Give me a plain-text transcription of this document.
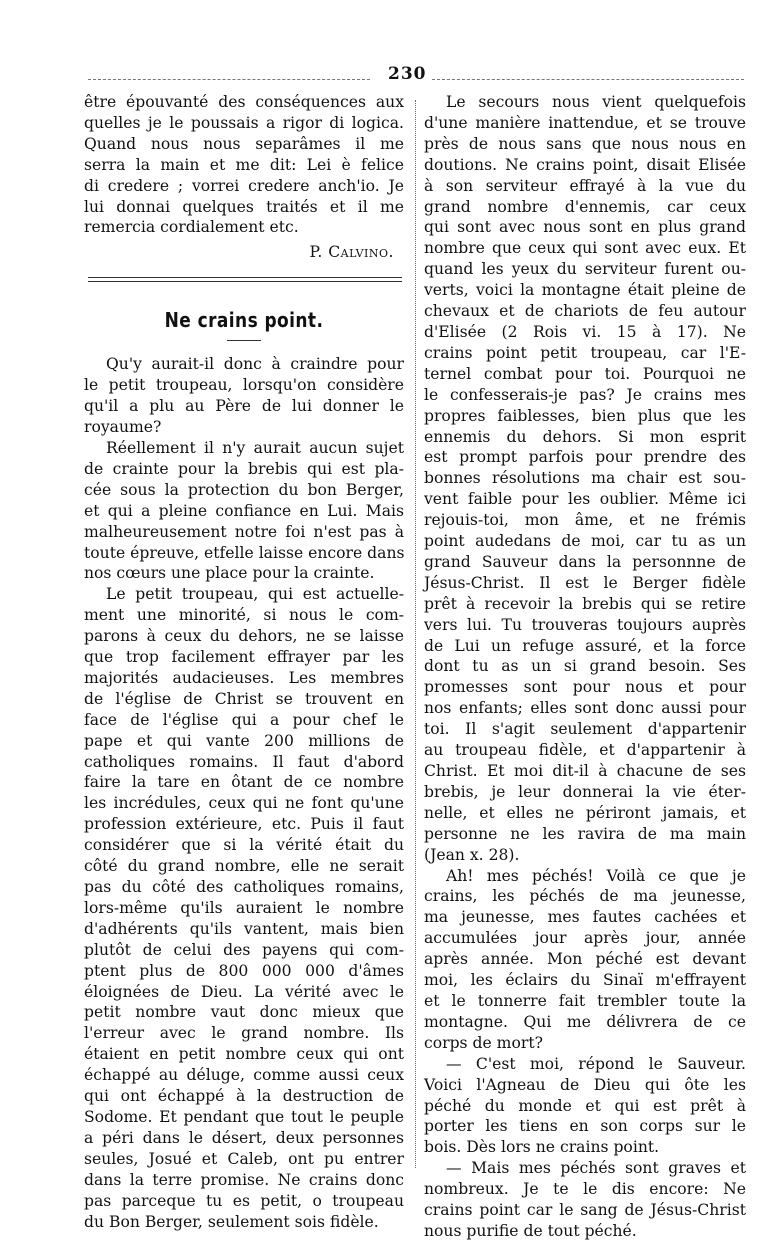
230
être épouvanté des conséquences aux
quelles je le poussais a rigor di logica.
Quand nous nous separâmes il me
serra la main et me dit: Lei è felice
di credere ; vorrei credere anch'io. Je
lui donnai quelques traités et il me
remercia cordialement etc.
P. Calvino.
Ne crains point.
Qu'y aurait-il donc à craindre pour
le petit troupeau, lorsqu'on considère
qu'il a plu au Père de lui donner le
royaume?
Réellement il n'y aurait aucun sujet
de crainte pour la brebis qui est pla-
cée sous la protection du bon Berger,
et qui a pleine confiance en Lui. Mais
malheureusement notre foi n'est pas à
toute épreuve, etfelle laisse encore dans
nos cœurs une place pour la crainte.
Le petit troupeau, qui est actuelle-
ment une minorité, si nous le com-
parons à ceux du dehors, ne se laisse
que trop facilement effrayer par les
majorités audacieuses. Les membres
de l'église de Christ se trouvent en
face de l'église qui a pour chef le
pape et qui vante 200 millions de
catholiques romains. Il faut d'abord
faire la tare en ôtant de ce nombre
les incrédules, ceux qui ne font qu'une
profession extérieure, etc. Puis il faut
considérer que si la vérité était du
côté du grand nombre, elle ne serait
pas du côté des catholiques romains,
lors-même qu'ils auraient le nombre
d'adhérents qu'ils vantent, mais bien
plutôt de celui des payens qui com-
ptent plus de 800 000 000 d'âmes
éloignées de Dieu. La vérité avec le
petit nombre vaut donc mieux que
l'erreur avec le grand nombre. Ils
étaient en petit nombre ceux qui ont
échappé au déluge, comme aussi ceux
qui ont échappé à la destruction de
Sodome. Et pendant que tout le peuple
a péri dans le désert, deux personnes
seules, Josué et Caleb, ont pu entrer
dans la terre promise. Ne crains donc
pas parceque tu es petit, o troupeau
du Bon Berger, seulement sois fidèle.
Le secours nous vient quelquefois
d'une manière inattendue, et se trouve
près de nous sans que nous nous en
doutions. Ne crains point, disait Elisée
à son serviteur effrayé à la vue du
grand nombre d'ennemis, car ceux
qui sont avec nous sont en plus grand
nombre que ceux qui sont avec eux. Et
quand les yeux du serviteur furent ou-
verts, voici la montagne était pleine de
chevaux et de chariots de feu autour
d'Elisée (2 Rois vi. 15 à 17). Ne
crains point petit troupeau, car l'E-
ternel combat pour toi. Pourquoi ne
le confesserais-je pas? Je crains mes
propres faiblesses, bien plus que les
ennemis du dehors. Si mon esprit
est prompt parfois pour prendre des
bonnes résolutions ma chair est sou-
vent faible pour les oublier. Même ici
rejouis-toi, mon âme, et ne frémis
point audedans de moi, car tu as un
grand Sauveur dans la personnne de
Jésus-Christ. Il est le Berger fidèle
prêt à recevoir la brebis qui se retire
vers lui. Tu trouveras toujours auprès
de Lui un refuge assuré, et la force
dont tu as un si grand besoin. Ses
promesses sont pour nous et pour
nos enfants; elles sont donc aussi pour
toi. Il s'agit seulement d'appartenir
au troupeau fidèle, et d'appartenir à
Christ. Et moi dit-il à chacune de ses
brebis, je leur donnerai la vie éter-
nelle, et elles ne périront jamais, et
personne ne les ravira de ma main
(Jean x. 28).
Ah! mes péchés! Voilà ce que je
crains, les péchés de ma jeunesse,
ma jeunesse, mes fautes cachées et
accumulées jour après jour, année
après année. Mon péché est devant
moi, les éclairs du Sinaï m'effrayent
et le tonnerre fait trembler toute la
montagne. Qui me délivrera de ce
corps de mort?
— C'est moi, répond le Sauveur.
Voici l'Agneau de Dieu qui ôte les
péché du monde et qui est prêt à
porter les tiens en son corps sur le
bois. Dès lors ne crains point.
— Mais mes péchés sont graves et
nombreux. Je te le dis encore: Ne
crains point car le sang de Jésus-Christ
nous purifie de tout péché.
